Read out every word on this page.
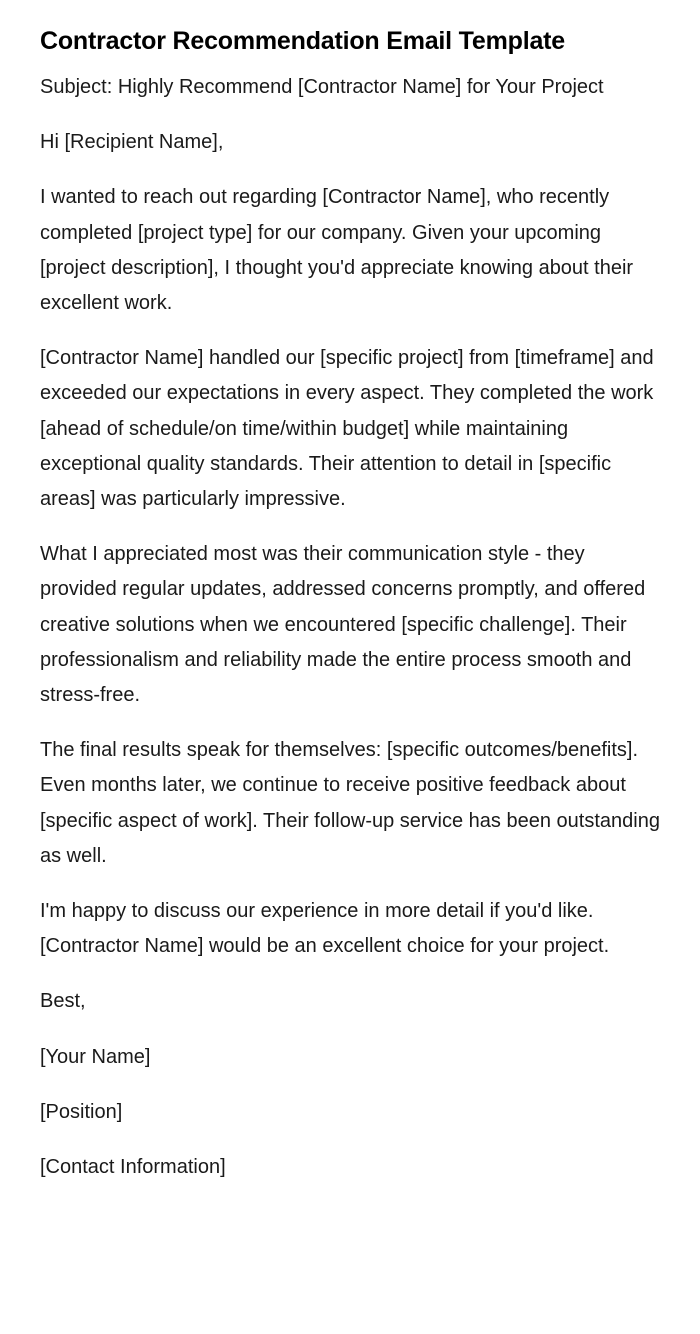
Contractor Recommendation Email Template

Subject: Highly Recommend [Contractor Name] for Your Project

Hi [Recipient Name],

I wanted to reach out regarding [Contractor Name], who recently completed [project type] for our company. Given your upcoming [project description], I thought you'd appreciate knowing about their excellent work.

[Contractor Name] handled our [specific project] from [timeframe] and exceeded our expectations in every aspect. They completed the work [ahead of schedule/on time/within budget] while maintaining exceptional quality standards. Their attention to detail in [specific areas] was particularly impressive.

What I appreciated most was their communication style - they provided regular updates, addressed concerns promptly, and offered creative solutions when we encountered [specific challenge]. Their professionalism and reliability made the entire process smooth and stress-free.

The final results speak for themselves: [specific outcomes/benefits]. Even months later, we continue to receive positive feedback about [specific aspect of work]. Their follow-up service has been outstanding as well.

I'm happy to discuss our experience in more detail if you'd like. [Contractor Name] would be an excellent choice for your project.

Best,

[Your Name]

[Position]

[Contact Information]
